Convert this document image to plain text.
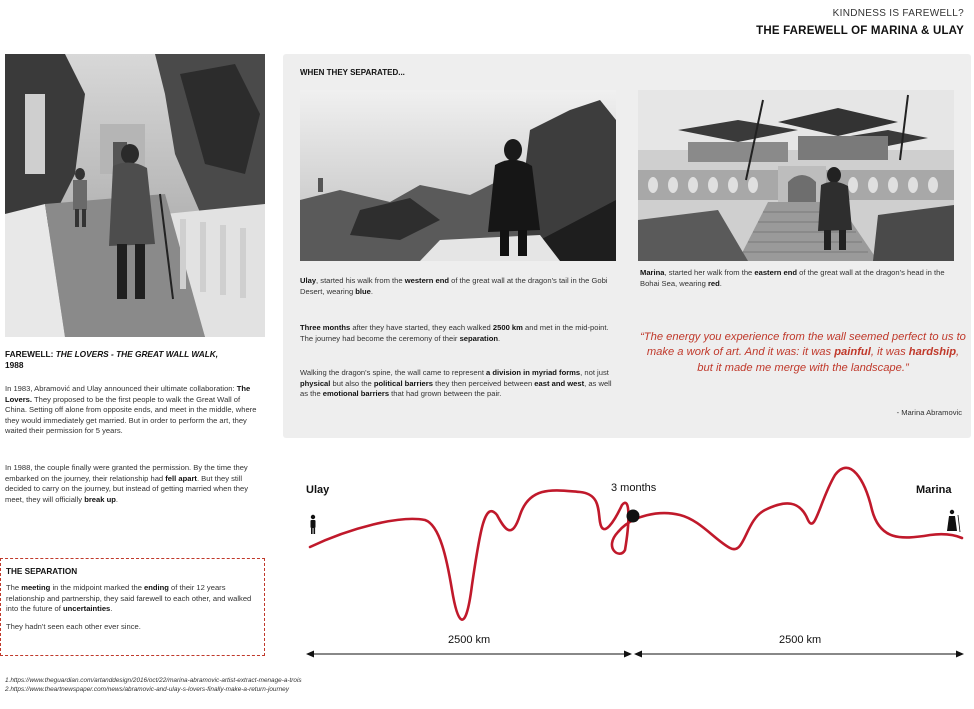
KINDNESS IS FAREWELL?
THE FAREWELL OF MARINA & ULAY
FAREWELL: THE LOVERS - THE GREAT WALL WALK,
1988
In 1983, Abramović and Ulay announced their ultimate collaboration: The Lovers. They proposed to be the first people to walk the Great Wall of China. Setting off alone from opposite ends, and meet in the middle, where they would immediately get married. But in order to perform the art, they waited their permission for 5 years.
In 1988, the couple finally were granted the permission. By the time they embarked on the journey, their relationship had fell apart. But they still decided to carry on the journey, but instead of getting married when they meet, they will officially break up.
THE SEPARATION
The meeting in the midpoint marked the ending of their 12 years relationship and partnership, they said farewell to each other, and walked into the future of uncertainties.
They hadn't seen each other ever since.
WHEN THEY SEPARATED...
Ulay, started his walk from the western end of the great wall at the dragon's tail in the Gobi Desert, wearing blue.
Marina, started her walk from the eastern end of the great wall at the dragon's head in the Bohai Sea, wearing red.
Three months after they have started, they each walked 2500 km and met in the mid-point. The journey had become the ceremony of their separation.
Walking the dragon's spine, the wall came to represent a division in myriad forms, not just physical but also the political barriers they then perceived between east and west, as well as the emotional barriers that had grown between the pair.
“The energy you experience from the wall seemed perfect to us to make a work of art. And it was: it was painful, it was hardship, but it made me merge with the landscape.”
- Marina Abramovic
Ulay	Marina
3 months
2500 km	2500 km
1.https://www.theguardian.com/artanddesign/2016/oct/22/marina-abramovic-artist-extract-menage-a-trois
2.https://www.theartnewspaper.com/news/abramovic-and-ulay-s-lovers-finally-make-a-return-journey
